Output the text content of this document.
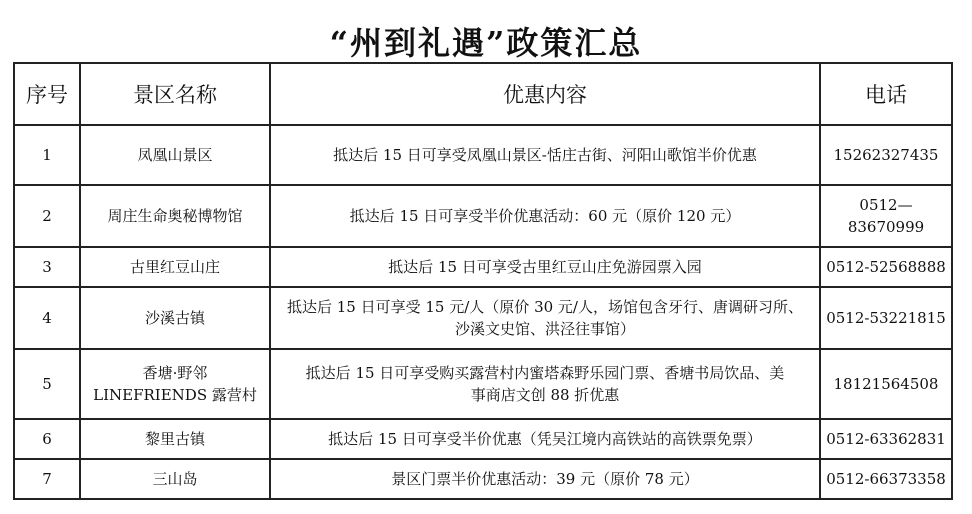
“州到礼遇”政策汇总
序号	景区名称	优惠内容	电话
1	凤凰山景区	抵达后 15 日可享受凤凰山景区-恬庄古街、河阳山歌馆半价优惠	15262327435
2	周庄生命奥秘博物馆	抵达后 15 日可享受半价优惠活动：60 元（原价 120 元）	0512—
83670999

3	古里红豆山庄	抵达后 15 日可享受古里红豆山庄免游园票入园	0512-52568888
4	沙溪古镇	抵达后 15 日可享受 15 元/人（原价 30 元/人，场馆包含牙行、唐调研习所、
沙溪文史馆、洪泾往事馆）	0512-53221815
5	香塘·野邻
LINEFRIENDS 露营村	抵达后 15 日可享受购买露营村内蜜塔森野乐园门票、香塘书局饮品、美
事商店文创 88 折优惠	18121564508
6	黎里古镇	抵达后 15 日可享受半价优惠（凭吴江境内高铁站的高铁票免票）	0512-63362831
7	三山岛	景区门票半价优惠活动：39 元（原价 78 元）	0512-66373358
